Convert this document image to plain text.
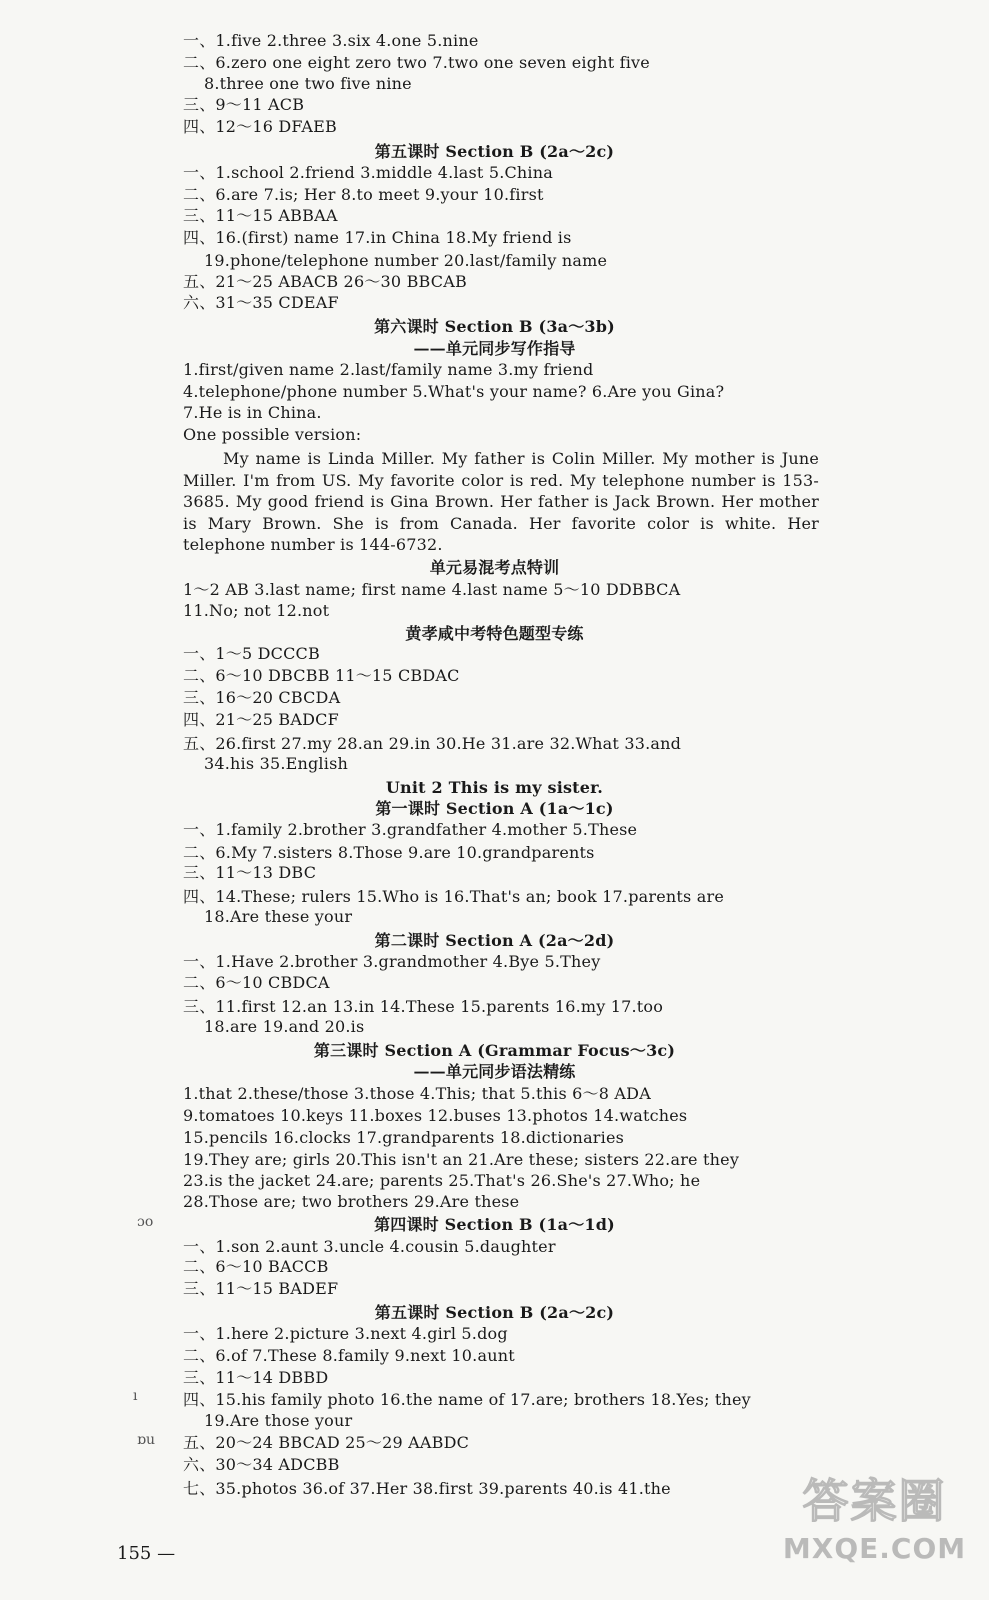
一、1.five 2.three 3.six 4.one 5.nine
二、6.zero one eight zero two 7.two one seven eight five
8.three one two five nine
三、9～11 ACB
四、12～16 DFAEB
第五课时 Section B (2a～2c)
一、1.school 2.friend 3.middle 4.last 5.China
二、6.are 7.is; Her 8.to meet 9.your 10.first
三、11～15 ABBAA
四、16.(first) name 17.in China 18.My friend is
19.phone/telephone number 20.last/family name
五、21～25 ABACB 26～30 BBCAB
六、31～35 CDEAF
第六课时 Section B (3a～3b)
——单元同步写作指导
1.first/given name 2.last/family name 3.my friend
4.telephone/phone number 5.What's your name? 6.Are you Gina?
7.He is in China.
One possible version:
My name is Linda Miller. My father is Colin Miller. My mother is June Miller. I'm from US. My favorite color is red. My telephone number is 153-3685. My good friend is Gina Brown. Her father is Jack Brown. Her mother is Mary Brown. She is from Canada. Her favorite color is white. Her telephone number is 144-6732.
单元易混考点特训
1～2 AB 3.last name; first name 4.last name 5～10 DDBBCA
11.No; not 12.not
黄孝咸中考特色题型专练
一、1～5 DCCCB
二、6～10 DBCBB 11～15 CBDAC
三、16～20 CBCDA
四、21～25 BADCF
五、26.first 27.my 28.an 29.in 30.He 31.are 32.What 33.and
34.his 35.English
Unit 2 This is my sister.
第一课时 Section A (1a～1c)
一、1.family 2.brother 3.grandfather 4.mother 5.These
二、6.My 7.sisters 8.Those 9.are 10.grandparents
三、11～13 DBC
四、14.These; rulers 15.Who is 16.That's an; book 17.parents are
18.Are these your
第二课时 Section A (2a～2d)
一、1.Have 2.brother 3.grandmother 4.Bye 5.They
二、6～10 CBDCA
三、11.first 12.an 13.in 14.These 15.parents 16.my 17.too
18.are 19.and 20.is
第三课时 Section A (Grammar Focus～3c)
——单元同步语法精练
1.that 2.these/those 3.those 4.This; that 5.this 6～8 ADA
9.tomatoes 10.keys 11.boxes 12.buses 13.photos 14.watches
15.pencils 16.clocks 17.grandparents 18.dictionaries
19.They are; girls 20.This isn't an 21.Are these; sisters 22.are they
23.is the jacket 24.are; parents 25.That's 26.She's 27.Who; he
28.Those are; two brothers 29.Are these
第四课时 Section B (1a～1d)
一、1.son 2.aunt 3.uncle 4.cousin 5.daughter
二、6～10 BACCB
三、11～15 BADEF
第五课时 Section B (2a～2c)
一、1.here 2.picture 3.next 4.girl 5.dog
二、6.of 7.These 8.family 9.next 10.aunt
三、11～14 DBBD
四、15.his family photo 16.the name of 17.are; brothers 18.Yes; they
19.Are those your
五、20～24 BBCAD 25～29 AABDC
六、30～34 ADCBB
七、35.photos 36.of 37.Her 38.first 39.parents 40.is 41.the
ɔo
ı
ɒu
155 —
答案圈
MXQE.COM
